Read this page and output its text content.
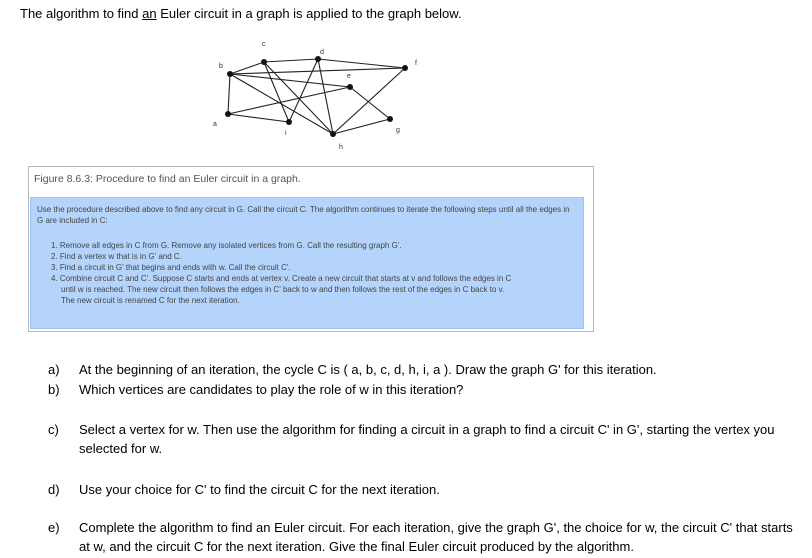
The algorithm to find an Euler circuit in a graph is applied to the graph below.

a
b
c
d
e
f
g
h
i
Figure 8.6.3: Procedure to find an Euler circuit in a graph.
Use the procedure described above to find any circuit in G. Call the circuit C. The algorithm continues to iterate the following steps until all the edges in G are included in C:
1. Remove all edges in C from G. Remove any isolated vertices from G. Call the resulting graph G'.
2. Find a vertex w that is in G' and C.
3. Find a circuit in G' that begins and ends with w. Call the circuit C'.
4. Combine circuit C and C'. Suppose C starts and ends at vertex v. Create a new circuit that starts at v and follows the edges in C
until w is reached. The new circuit then follows the edges in C' back to w and then follows the rest of the edges in C back to v.
The new circuit is renamed C for the next iteration.
a)	At the beginning of an iteration, the cycle C is ( a, b, c, d, h, i, a ). Draw the graph G' for this iteration.
b)	Which vertices are candidates to play the role of w in this iteration?
c)	Select a vertex for w. Then use the algorithm for finding a circuit in a graph to find a circuit C' in G', starting the vertex you selected for w.
d)	Use your choice for C' to find the circuit C for the next iteration.
e)	Complete the algorithm to find an Euler circuit. For each iteration, give the graph G', the choice for w, the circuit C' that starts at w, and the circuit C for the next iteration. Give the final Euler circuit produced by the algorithm.
